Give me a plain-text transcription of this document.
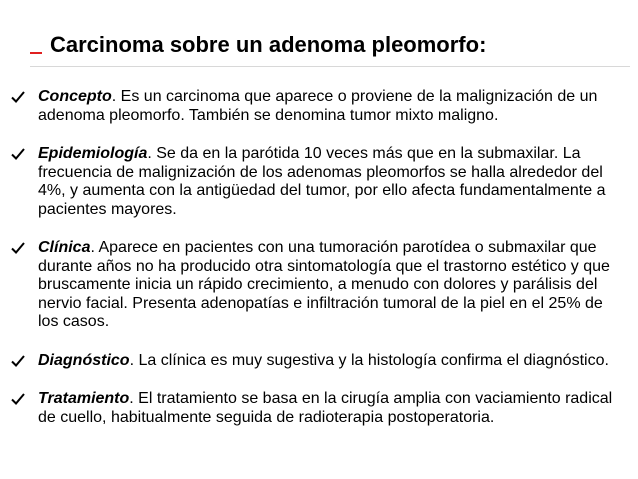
Carcinoma sobre un adenoma pleomorfo:
Concepto. Es un carcinoma que aparece o proviene de la malignización de un adenoma pleomorfo. También se denomina tumor mixto maligno.
Epidemiología. Se da en la parótida 10 veces más que en la submaxilar. La frecuencia de malignización de los adenomas pleomorfos se halla alrededor del 4%, y aumenta con la antigüedad del tumor, por ello afecta fundamentalmente a pacientes mayores.
Clínica. Aparece en pacientes con una tumoración parotídea o submaxilar que durante años no ha producido otra sintomatología que el trastorno estético y que bruscamente inicia un rápido crecimiento, a menudo con dolores y parálisis del nervio facial. Presenta adenopatías e infiltración tumoral de la piel en el 25% de los casos.
Diagnóstico. La clínica es muy sugestiva y la histología confirma el diagnóstico.
Tratamiento. El tratamiento se basa en la cirugía amplia con vaciamiento radical de cuello, habitualmente seguida de radioterapia postoperatoria.
